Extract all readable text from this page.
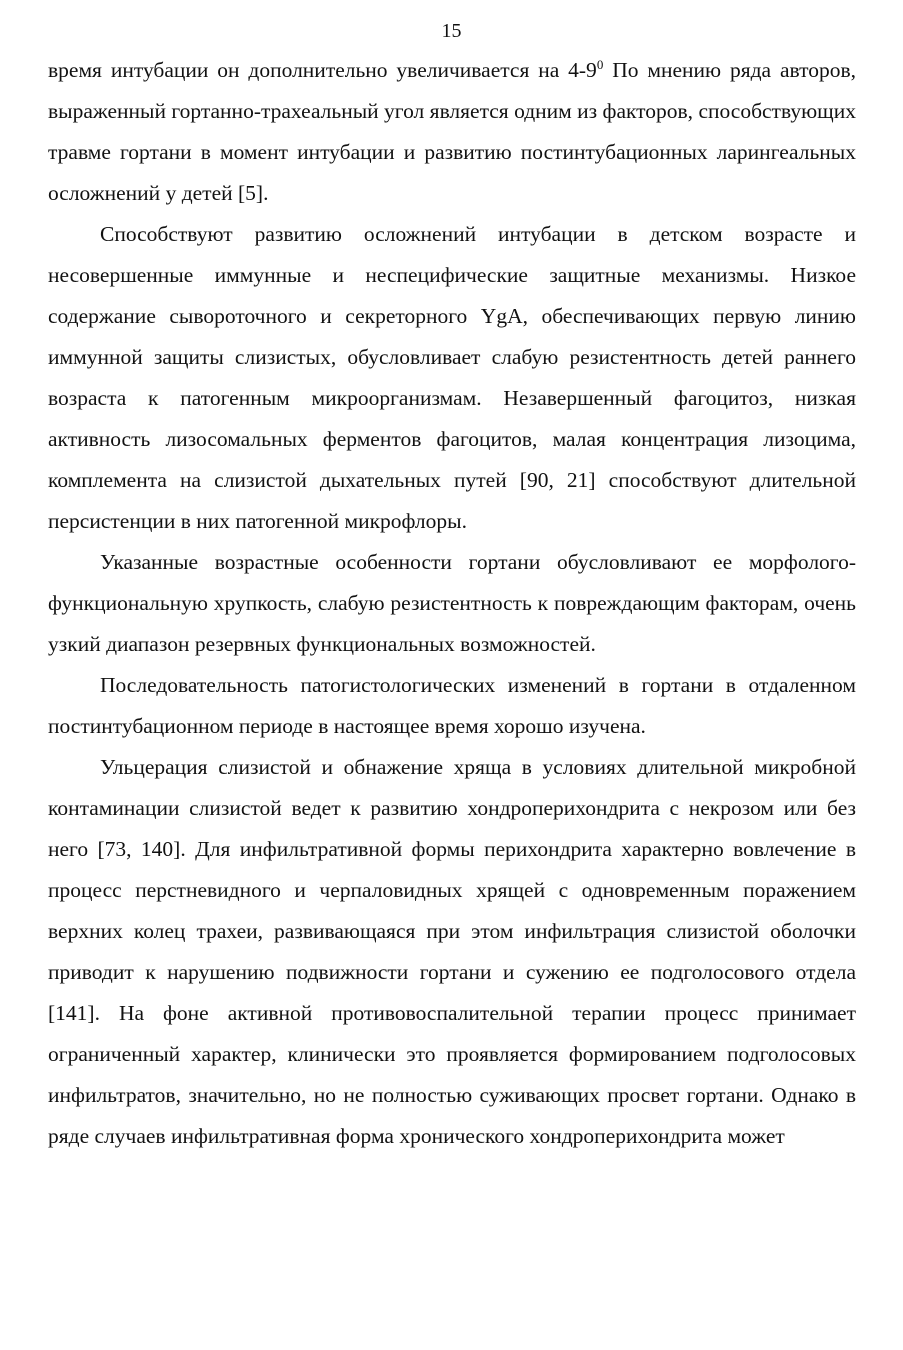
15

время интубации он дополнительно увеличивается на $4-9^0$ По мнению ряда авторов, выраженный гортанно-трахеальный угол является одним из факторов, способствующих травме гортани в момент интубации и развитию постинтубационных ларингеальных осложнений у детей [5].

Способствуют развитию осложнений интубации в детском возрасте и несовершенные иммунные и неспецифические защитные механизмы. Низкое содержание сывороточного и секреторного YgA, обеспечивающих первую линию иммунной защиты слизистых, обусловливает слабую резистентность детей раннего возраста к патогенным микроорганизмам. Незавершенный фагоцитоз, низкая активность лизосомальных ферментов фагоцитов, малая концентрация лизоцима, комплемента на слизистой дыхательных путей [90, 21] способствуют длительной персистенции в них патогенной микрофлоры.

Указанные возрастные особенности гортани обусловливают ее морфолого-функциональную хрупкость, слабую резистентность к повреждающим факторам, очень узкий диапазон резервных функциональных возможностей.

Последовательность патогистологических изменений в гортани в отдаленном постинтубационном периоде в настоящее время хорошо изучена.

Ульцерация слизистой и обнажение хряща в условиях длительной микробной контаминации слизистой ведет к развитию хондроперихондрита с некрозом или без него [73, 140]. Для инфильтративной формы перихондрита характерно вовлечение в процесс перстневидного и черпаловидных хрящей с одновременным поражением верхних колец трахеи, развивающаяся при этом инфильтрация слизистой оболочки приводит к нарушению подвижности гортани и сужению ее подголосового отдела [141]. На фоне активной противовоспалительной терапии процесс принимает ограниченный характер, клинически это проявляется формированием подголосовых инфильтратов, значительно, но не полностью суживающих просвет гортани. Однако в ряде случаев инфильтративная форма хронического хондроперихондрита может
